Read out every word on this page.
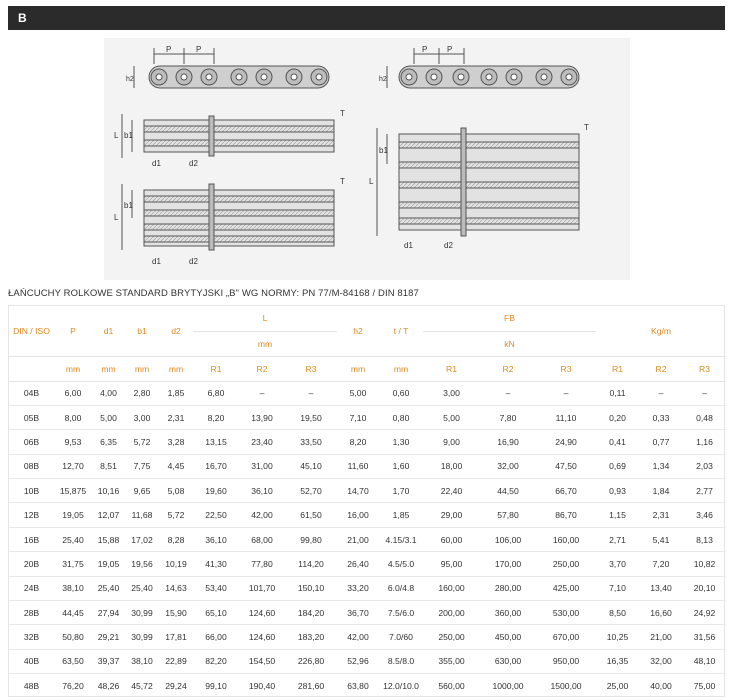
B
P	P
h2
P P
h2
b1
L
d1	d2
T
b1
L
d1	d2
T
b1
L
d1	d2
T
ŁAŃCUCHY ROLKOWE STANDARD BRYTYJSKI „B" WG NORMY: PN 77/M-84168 / DIN 8187
DIN / ISO	P	d1	b1	d2	L			h2	t / T	FB			Kg/m		
					mm					kN					
	mm	mm	mm	mm	R1	R2	R3	mm	mm	R1	R2	R3	R1	R2	R3
04B	6,00	4,00	2,80	1,85	6,80	–	–	5,00	0,60	3,00	–	–	0,11	–	–
05B	8,00	5,00	3,00	2,31	8,20	13,90	19,50	7,10	0,80	5,00	7,80	11,10	0,20	0,33	0,48
06B	9,53	6,35	5,72	3,28	13,15	23,40	33,50	8,20	1,30	9,00	16,90	24,90	0,41	0,77	1,16
08B	12,70	8,51	7,75	4,45	16,70	31,00	45,10	11,60	1,60	18,00	32,00	47,50	0,69	1,34	2,03
10B	15,875	10,16	9,65	5,08	19,60	36,10	52,70	14,70	1,70	22,40	44,50	66,70	0,93	1,84	2,77
12B	19,05	12,07	11,68	5,72	22,50	42,00	61,50	16,00	1,85	29,00	57,80	86,70	1,15	2,31	3,46
16B	25,40	15,88	17,02	8,28	36,10	68,00	99,80	21,00	4.15/3.1	60,00	106,00	160,00	2,71	5,41	8,13
20B	31,75	19,05	19,56	10,19	41,30	77,80	114,20	26,40	4.5/5.0	95,00	170,00	250,00	3,70	7,20	10,82
24B	38,10	25,40	25,40	14,63	53,40	101,70	150,10	33,20	6.0/4.8	160,00	280,00	425,00	7,10	13,40	20,10
28B	44,45	27,94	30,99	15,90	65,10	124,60	184,20	36,70	7.5/6.0	200,00	360,00	530,00	8,50	16,60	24,92
32B	50,80	29,21	30,99	17,81	66,00	124,60	183,20	42,00	7.0/60	250,00	450,00	670,00	10,25	21,00	31,56
40B	63,50	39,37	38,10	22,89	82,20	154,50	226,80	52,96	8.5/8.0	355,00	630,00	950,00	16,35	32,00	48,10
48B	76,20	48,26	45,72	29,24	99,10	190,40	281,60	63,80	12.0/10.0	560,00	1000,00	1500,00	25,00	40,00	75,00
